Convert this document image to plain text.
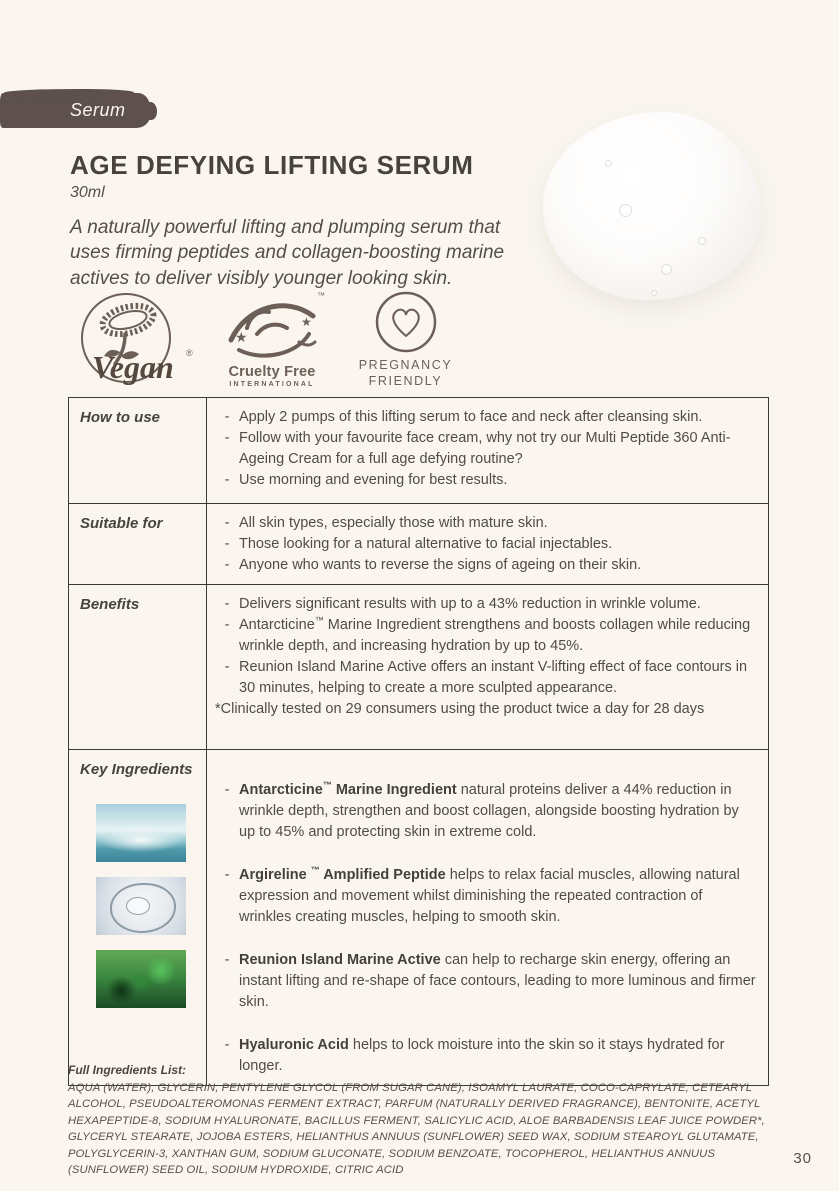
Serum
AGE DEFYING LIFTING SERUM
30ml
A naturally powerful lifting and plumping serum that uses firming peptides and collagen-boosting marine actives to deliver visibly younger looking skin.
Vegan ®
★
★
™
Cruelty Free
INTERNATIONAL
PREGNANCY
FRIENDLY
How to use	- Apply 2 pumps of this lifting serum to face and neck after cleansing skin.
- Follow with your favourite face cream, why not try our Multi Peptide 360 Anti-Ageing Cream for a full age defying routine?
- Use morning and evening for best results.
Suitable for	- All skin types, especially those with mature skin.
- Those looking for a natural alternative to facial injectables.
- Anyone who wants to reverse the signs of ageing on their skin.
Benefits	- Delivers significant results with up to a 43% reduction in wrinkle volume.
- Antarcticine™ Marine Ingredient strengthens and boosts collagen while reducing wrinkle depth, and increasing hydration by up to 45%.
- Reunion Island Marine Active offers an instant V-lifting effect of face contours in 30 minutes, helping to create a more sculpted appearance.
*Clinically tested on 29 consumers using the product twice a day for 28 days
Key Ingredients
- Antarcticine™ Marine Ingredient natural proteins deliver a 44% reduction in wrinkle depth, strengthen and boost collagen, alongside boosting hydration by up to 45% and protecting skin in extreme cold.
- Argireline ™ Amplified Peptide helps to relax facial muscles, allowing natural expression and movement whilst diminishing the repeated contraction of wrinkles creating muscles, helping to smooth skin.
- Reunion Island Marine Active can help to recharge skin energy, offering an instant lifting and re-shape of face contours, leading to more luminous and firmer skin.
- Hyaluronic Acid helps to lock moisture into the skin so it stays hydrated for longer.
Full Ingredients List:
AQUA (WATER), GLYCERIN, PENTYLENE GLYCOL (FROM SUGAR CANE), ISOAMYL LAURATE, COCO-CAPRYLATE, CETEARYL ALCOHOL, PSEUDOALTEROMONAS FERMENT EXTRACT, PARFUM (NATURALLY DERIVED FRAGRANCE), BENTONITE, ACETYL HEXAPEPTIDE-8, SODIUM HYALURONATE, BACILLUS FERMENT, SALICYLIC ACID, ALOE BARBADENSIS LEAF JUICE POWDER*, GLYCERYL STEARATE, JOJOBA ESTERS, HELIANTHUS ANNUUS (SUNFLOWER) SEED WAX, SODIUM STEAROYL GLUTAMATE, POLYGLYCERIN-3, XANTHAN GUM, SODIUM GLUCONATE, SODIUM BENZOATE, TOCOPHEROL, HELIANTHUS ANNUUS (SUNFLOWER) SEED OIL, SODIUM HYDROXIDE, CITRIC ACID
30
